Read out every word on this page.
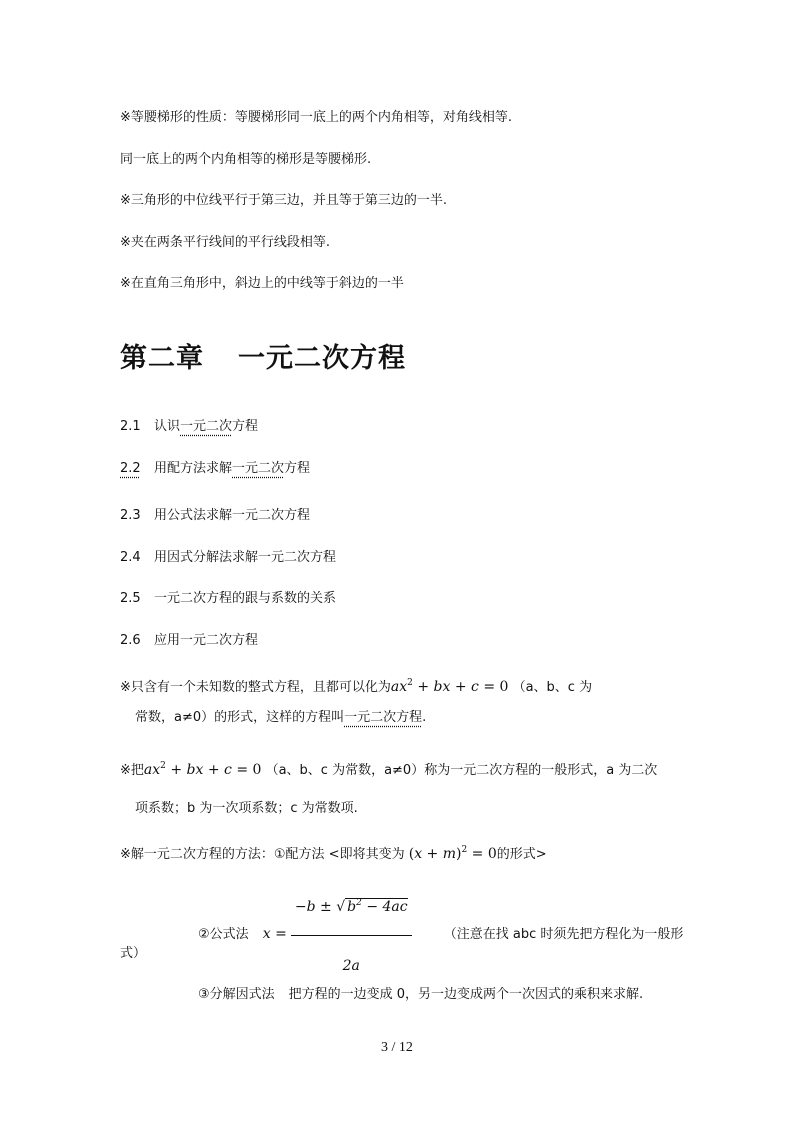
※等腰梯形的性质：等腰梯形同一底上的两个内角相等，对角线相等.
同一底上的两个内角相等的梯形是等腰梯形.
※三角形的中位线平行于第三边，并且等于第三边的一半.
※夹在两条平行线间的平行线段相等.
※在直角三角形中，斜边上的中线等于斜边的一半
第二章 一元二次方程
2.1 认识一元二次方程
2.2 用配方法求解一元二次方程
2.3 用公式法求解一元二次方程
2.4 用因式分解法求解一元二次方程
2.5 一元二次方程的跟与系数的关系
2.6 应用一元二次方程
※只含有一个未知数的整式方程，且都可以化为$ax^2$ + bx + c = 0 （a、b、c 为
常数，a≠0）的形式，这样的方程叫一元二次方程.
※把$ax^2$ + bx + c = 0 （a、b、c 为常数，a≠0）称为一元二次方程的一般形式，a 为二次
项系数；b 为一次项系数；c 为常数项.
※解一元二次方程的方法：①配方法 <即将其变为 $(x + m)^2 = 0$的形式>
②公式法 $x = \frac{-b \pm √ b^2 - 4ac}{2a}$ （注意在找 abc 时须先把方程化为一般形
式）
③分解因式法 把方程的一边变成 0，另一边变成两个一次因式的乘积来求解.
3 / 12
